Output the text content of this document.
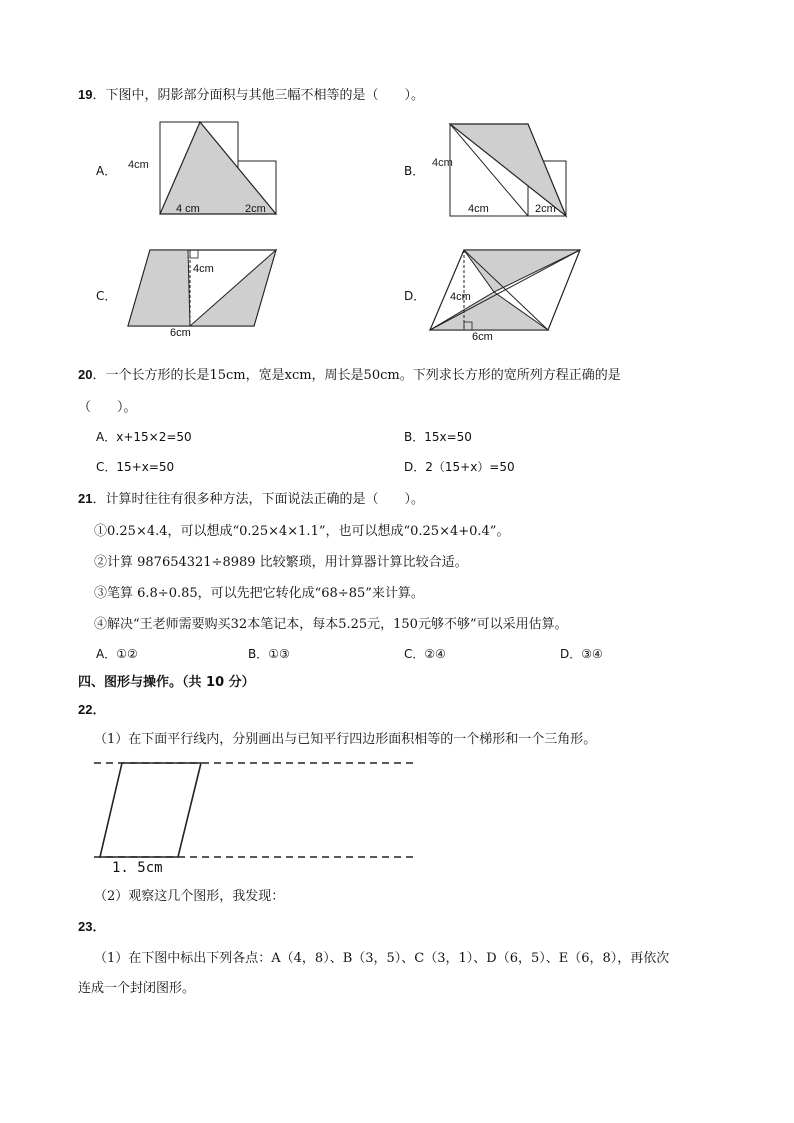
19．下图中，阴影部分面积与其他三幅不相等的是（　　）。
A． 4cm
4 cm	2cm
B．
4cm
4cm	2cm
C．
4cm
6cm
D． 4cm
6cm
20．一个长方形的长是15cm，宽是xcm，周长是50cm。下列求长方形的宽所列方程正确的是
（　　）。
A．x+15×2=50	B．15x=50
C．15+x=50	D．2（15+x）=50
21．计算时往往有很多种方法，下面说法正确的是（　　）。
①0.25×4.4，可以想成“0.25×4×1.1”，也可以想成“0.25×4+0.4”。
②计算 987654321÷8989 比较繁琐，用计算器计算比较合适。
③笔算 6.8÷0.85，可以先把它转化成“68÷85”来计算。
④解决“王老师需要购买32本笔记本，每本5.25元，150元够不够”可以采用估算。
A．①②	B．①③	C．②④	D．③④
四、图形与操作。（共 10 分）
22．
（1）在下面平行线内，分别画出与已知平行四边形面积相等的一个梯形和一个三角形。
1. 5cm
（2）观察这几个图形，我发现：
23．
（1）在下图中标出下列各点：A（4，8）、B（3，5）、C（3，1）、D（6，5）、E（6，8），再依次
连成一个封闭图形。
